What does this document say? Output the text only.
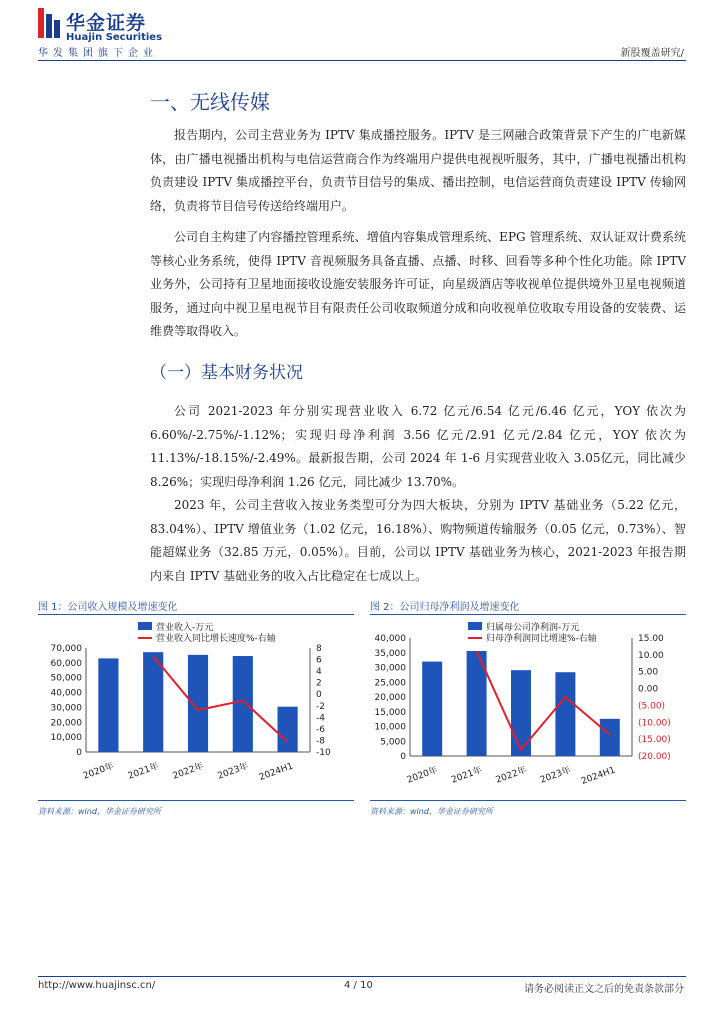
华金证券
Huajin Securities
华发集团旗下企业	新股覆盖研究/
一、无线传媒

报告期内，公司主营业务为 IPTV 集成播控服务。IPTV 是三网融合政策背景下产生的广电新媒体，由广播电视播出机构与电信运营商合作为终端用户提供电视视听服务，其中，广播电视播出机构负责建设 IPTV 集成播控平台，负责节目信号的集成、播出控制，电信运营商负责建设 IPTV 传输网络，负责将节目信号传送给终端用户。

公司自主构建了内容播控管理系统、增值内容集成管理系统、EPG 管理系统、双认证双计费系统等核心业务系统，使得 IPTV 音视频服务具备直播、点播、时移、回看等多种个性化功能。除 IPTV 业务外，公司持有卫星地面接收设施安装服务许可证，向星级酒店等收视单位提供境外卫星电视频道服务，通过向中视卫星电视节目有限责任公司收取频道分成和向收视单位收取专用设备的安装费、运维费等取得收入。

（一）基本财务状况

公司 2021-2023 年分别实现营业收入 6.72 亿元/6.54 亿元/6.46 亿元，YOY 依次为 6.60%/-2.75%/-1.12%；实现归母净利润 3.56 亿元/2.91 亿元/2.84 亿元，YOY 依次为 11.13%/-18.15%/-2.49%。最新报告期，公司 2024 年 1-6 月实现营业收入 3.05亿元，同比减少 8.26%；实现归母净利润 1.26 亿元，同比减少 13.70%。

2023 年，公司主营收入按业务类型可分为四大板块，分别为 IPTV 基础业务（5.22 亿元，83.04%）、IPTV 增值业务（1.02 亿元，16.18%）、购物频道传输服务（0.05 亿元，0.73%）、智能超媒业务（32.85 万元，0.05%）。目前，公司以 IPTV 基础业务为核心，2021-2023 年报告期内来自 IPTV 基础业务的收入占比稳定在七成以上。

图 1：公司收入规模及增速变化
0
10,000
20,000
30,000
40,000
50,000
60,000
70,000
-10
-8
-6
-4
-2
0
2
4
6
8
2020年 2021年 2022年 2023年 2024H1
营业收入-万元
营业收入同比增长速度%-右轴
资料来源：wind，华金证券研究所
图 2：公司归母净利润及增速变化
0
5,000
10,000
15,000
20,000
25,000
30,000
35,000
40,000
(20.00)
(15.00)
(10.00)
(5.00)
0.00
5.00
10.00
15.00
2020年 2021年 2022年 2023年 2024H1
归属母公司净利润-万元
归母净利润同比增速%-右轴
资料来源：wind，华金证券研究所
http://www.huajinsc.cn/	4 / 10	请务必阅读正文之后的免责条款部分
